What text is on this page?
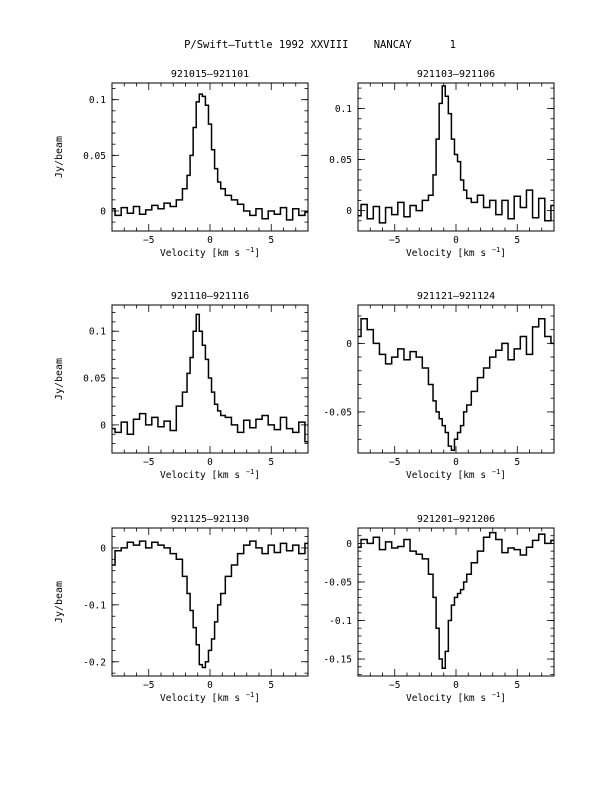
P/Swift–Tuttle 1992 XXVIII    NANCAY      1
921015–921101
−5	0	5
0
0.05
0.1
Velocity [km s $^{-1}$]
Jy/beam
921103–921106
−5	0	5
0
0.05
0.1
Velocity [km s $^{-1}$]
921110–921116
−5	0	5
0
0.05
0.1
Velocity [km s $^{-1}$]
Jy/beam
921121–921124
−5	0	5
-0.05
0
Velocity [km s $^{-1}$]
921125–921130
−5	0	5
-0.2
-0.1
0
Velocity [km s $^{-1}$]
Jy/beam
921201–921206
−5	0	5
-0.15
-0.1
-0.05
0
Velocity [km s $^{-1}$]
